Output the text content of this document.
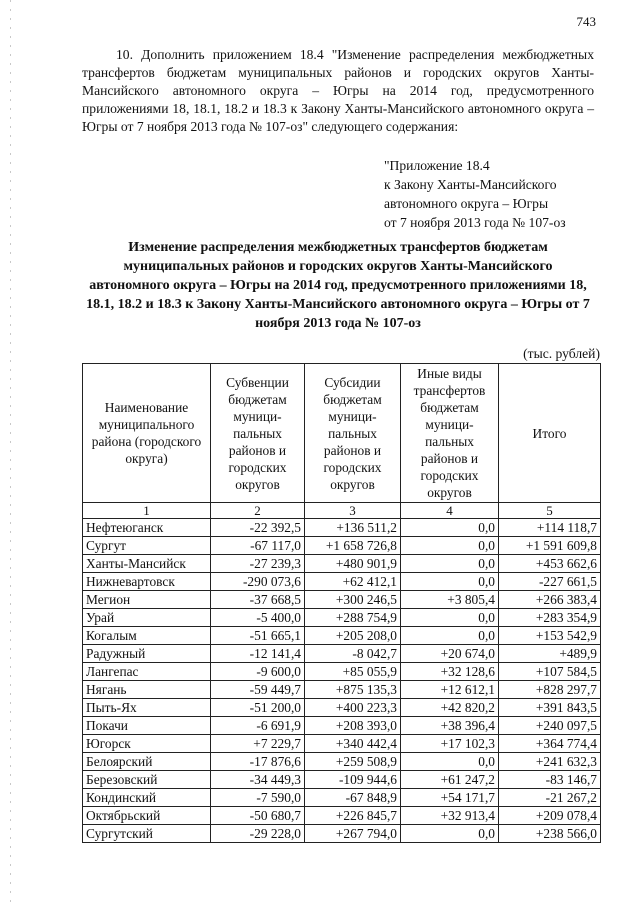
743
10. Дополнить приложением 18.4 "Изменение распределения межбюджетных трансфертов бюджетам муниципальных районов и городских округов Ханты-Мансийского автономного округа – Югры на 2014 год, предусмотренного приложениями 18, 18.1, 18.2 и 18.3 к Закону Ханты-Мансийского автономного округа – Югры от 7 ноября 2013 года № 107-оз" следующего содержания:
"Приложение 18.4
к Закону Ханты-Мансийского
автономного округа – Югры
от 7 ноября 2013 года № 107-оз
Изменение распределения межбюджетных трансфертов бюджетам муниципальных районов и городских округов Ханты-Мансийского автономного округа – Югры на 2014 год, предусмотренного приложениями 18, 18.1, 18.2 и 18.3 к Закону Ханты-Мансийского автономного округа – Югры от 7 ноября 2013 года № 107-оз
(тыс. рублей)
Наименование муниципального района (городского округа)	Субвенции бюджетам муници-пальных районов и городских округов	Субсидии бюджетам муници-пальных районов и городских округов	Иные виды трансфертов бюджетам муници-пальных районов и городских округов	Итого
1	2	3	4	5
Нефтеюганск	-22 392,5	+136 511,2	0,0	+114 118,7
Сургут	-67 117,0	+1 658 726,8	0,0	+1 591 609,8
Ханты-Мансийск	-27 239,3	+480 901,9	0,0	+453 662,6
Нижневартовск	-290 073,6	+62 412,1	0,0	-227 661,5
Мегион	-37 668,5	+300 246,5	+3 805,4	+266 383,4
Урай	-5 400,0	+288 754,9	0,0	+283 354,9
Когалым	-51 665,1	+205 208,0	0,0	+153 542,9
Радужный	-12 141,4	-8 042,7	+20 674,0	+489,9
Лангепас	-9 600,0	+85 055,9	+32 128,6	+107 584,5
Нягань	-59 449,7	+875 135,3	+12 612,1	+828 297,7
Пыть-Ях	-51 200,0	+400 223,3	+42 820,2	+391 843,5
Покачи	-6 691,9	+208 393,0	+38 396,4	+240 097,5
Югорск	+7 229,7	+340 442,4	+17 102,3	+364 774,4
Белоярский	-17 876,6	+259 508,9	0,0	+241 632,3
Березовский	-34 449,3	-109 944,6	+61 247,2	-83 146,7
Кондинский	-7 590,0	-67 848,9	+54 171,7	-21 267,2
Октябрьский	-50 680,7	+226 845,7	+32 913,4	+209 078,4
Сургутский	-29 228,0	+267 794,0	0,0	+238 566,0
